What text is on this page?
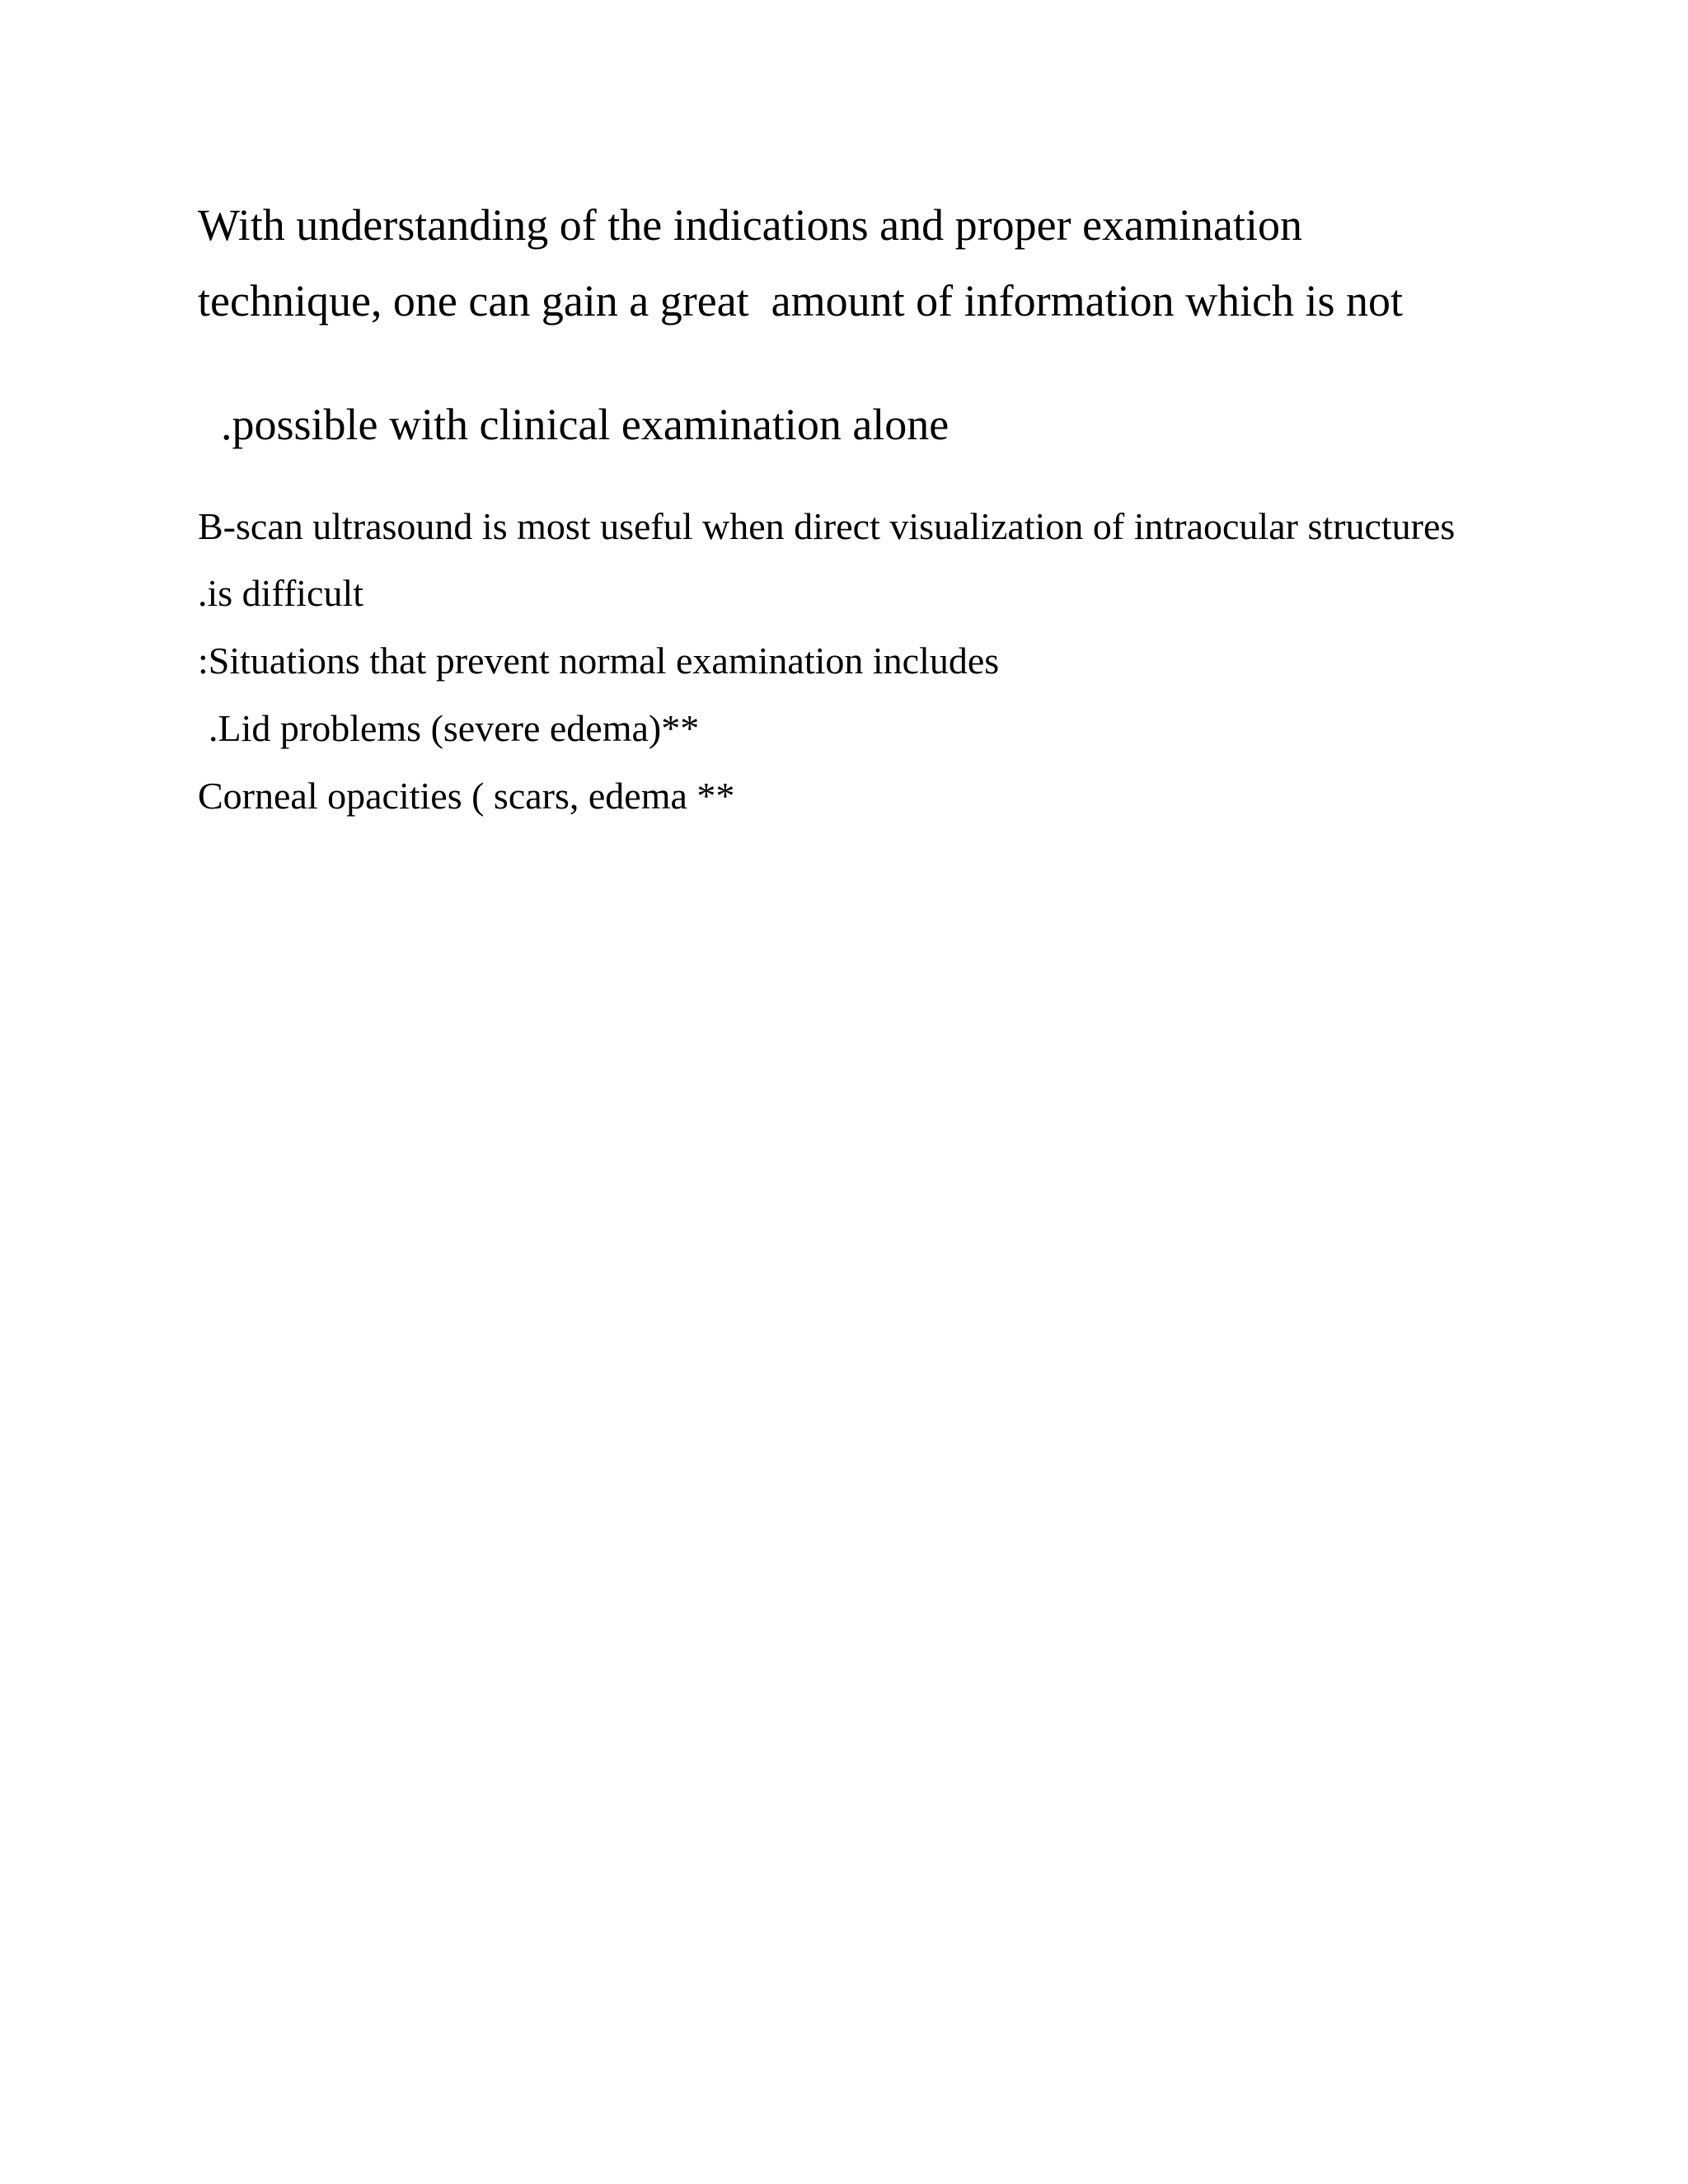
With understanding of the indications and proper examination
technique, one can gain a great  amount of information which is not
.possible with clinical examination alone
B-scan ultrasound is most useful when direct visualization of intraocular structures
.is difficult
:Situations that prevent normal examination includes
.Lid problems (severe edema)**
Corneal opacities ( scars, edema **
